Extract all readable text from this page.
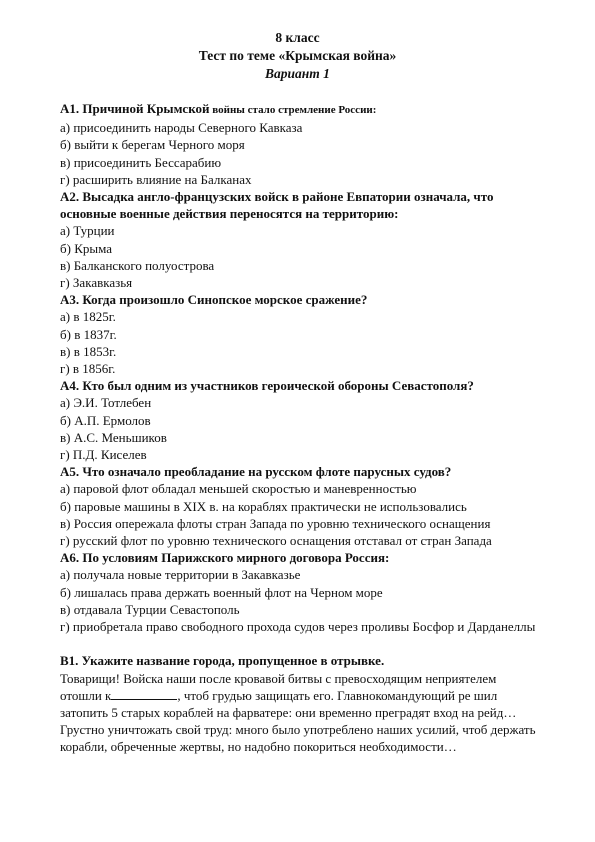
8 класс
Тест по теме «Крымская война»
Вариант 1
А1. Причиной Крымской войны стало стремление России:
а) присоединить народы Северного Кавказа
б) выйти к берегам Черного моря
в) присоединить Бессарабию
г) расширить влияние на Балканах
А2. Высадка англо-французских войск в районе Евпатории означала, что основные военные действия переносятся на территорию:
а) Турции
б) Крыма
в) Балканского полуострова
г) Закавказья
А3. Когда произошло Синопское морское сражение?
а) в 1825г.
б) в 1837г.
в) в 1853г.
г) в 1856г.
А4. Кто был одним из участников героической обороны Севастополя?
а) Э.И. Тотлебен
б) А.П. Ермолов
в) А.С. Меньшиков
г) П.Д. Киселев
А5. Что означало преобладание на русском флоте парусных судов?
а) паровой флот обладал меньшей скоростью и маневренностью
б) паровые машины в XIX в. на кораблях практически не использовались
в) Россия опережала флоты стран Запада по уровню технического оснащения
г) русский флот по уровню технического оснащения отставал от стран Запада
А6. По условиям Парижского мирного договора Россия:
а) получала новые территории в Закавказье
б) лишалась права держать военный флот на Черном море
в) отдавала Турции Севастополь
г) приобретала право свободного прохода судов через проливы Босфор и Дарданеллы
В1. Укажите название города, пропущенное в отрывке.
Товарищи! Войска наши после кровавой битвы с превосходящим неприятелем отошли к	, чтоб грудью защищать его. Главнокомандующий ре шил затопить 5 старых кораблей на фарватере: они временно преградят вход на рейд… Грустно уничтожать свой труд: много было употреблено наших усилий, чтоб держать корабли, обреченные жертвы, но надобно покориться необходимости…
